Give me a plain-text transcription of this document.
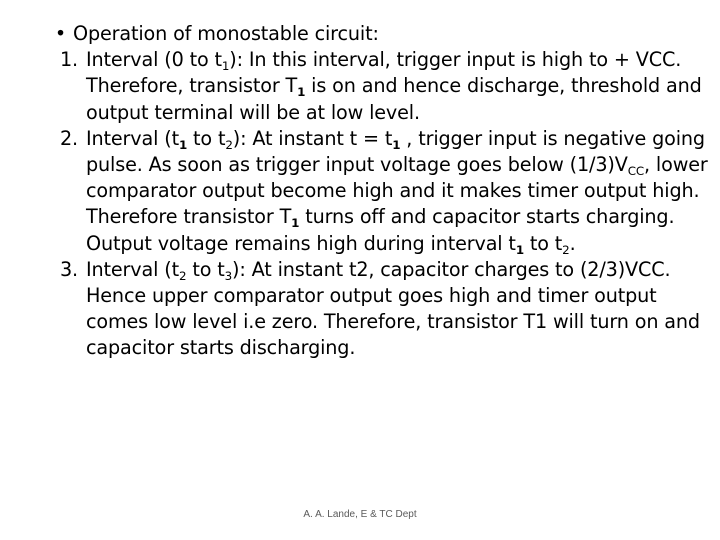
• Operation of monostable circuit:
1. Interval (0 to $t_1$): In this interval, trigger input is high to + VCC. Therefore, transistor $T_1$ is on and hence discharge, threshold and output terminal will be at low level.
2. Interval ($t_1$ to $t_2$): At instant $t = t_1$ , trigger input is negative going pulse. As soon as trigger input voltage goes below $(1/3)V_{CC}$, lower comparator output become high and it makes timer output high. Therefore transistor $T_1$ turns off and capacitor starts charging. Output voltage remains high during interval $t_1$ to $t_2$.
3. Interval ($t_2$ to $t_3$): At instant t2, capacitor charges to (2/3)VCC. Hence upper comparator output goes high and timer output comes low level i.e zero. Therefore, transistor T1 will turn on and capacitor starts discharging.
A. A. Lande, E & TC Dept
